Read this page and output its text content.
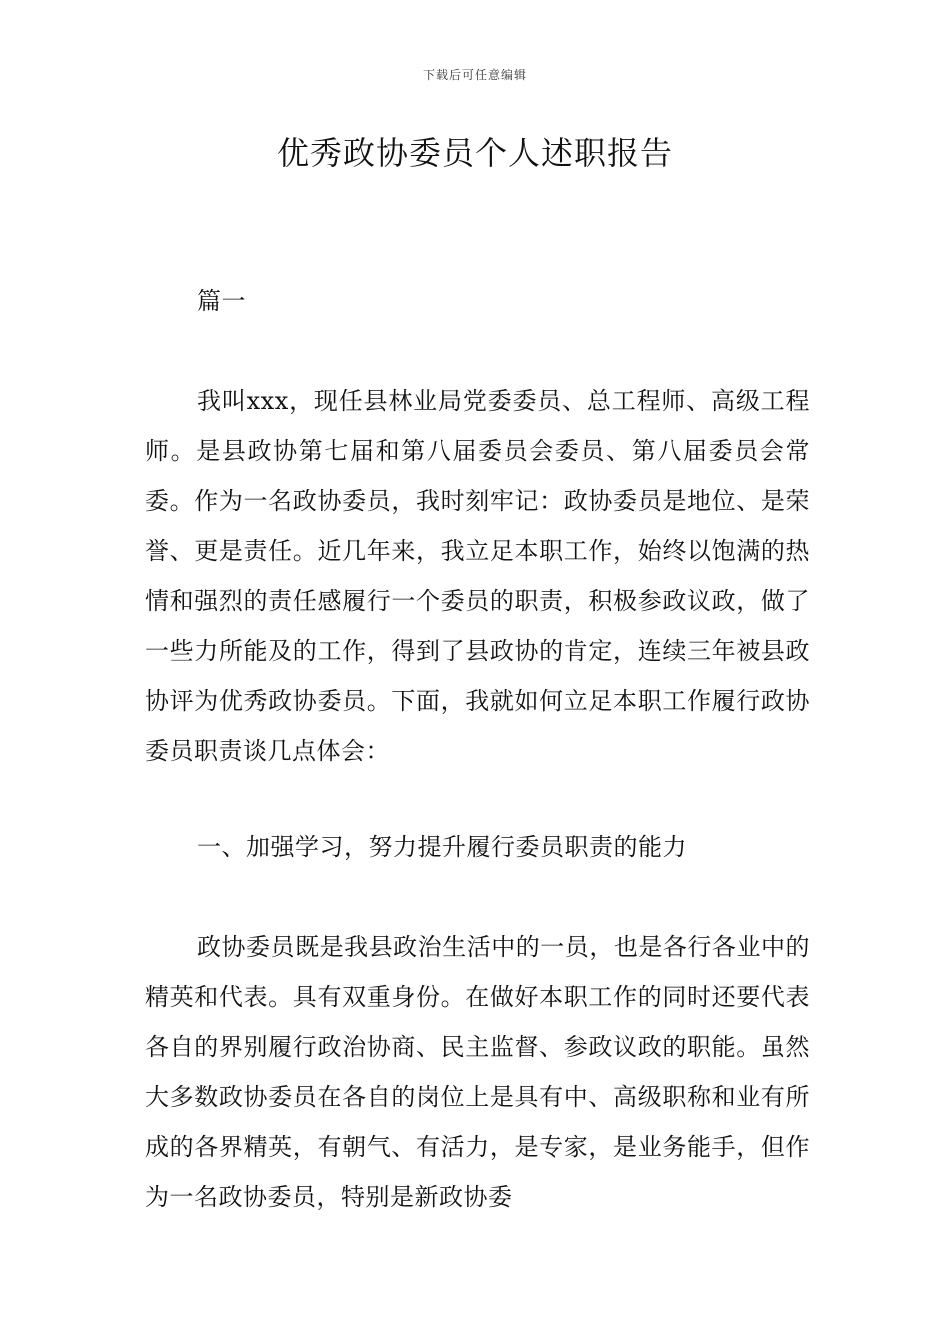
下载后可任意编辑
优秀政协委员个人述职报告

篇一

我叫xxx，现任县林业局党委委员、总工程师、高级工程师。是县政协第七届和第八届委员会委员、第八届委员会常委。作为一名政协委员，我时刻牢记：政协委员是地位、是荣誉、更是责任。近几年来，我立足本职工作，始终以饱满的热情和强烈的责任感履行一个委员的职责，积极参政议政，做了一些力所能及的工作，得到了县政协的肯定，连续三年被县政协评为优秀政协委员。下面，我就如何立足本职工作履行政协委员职责谈几点体会：

一、加强学习，努力提升履行委员职责的能力

政协委员既是我县政治生活中的一员，也是各行各业中的精英和代表。具有双重身份。在做好本职工作的同时还要代表各自的界别履行政治协商、民主监督、参政议政的职能。虽然大多数政协委员在各自的岗位上是具有中、高级职称和业有所成的各界精英，有朝气、有活力，是专家，是业务能手，但作为一名政协委员，特别是新政协委
